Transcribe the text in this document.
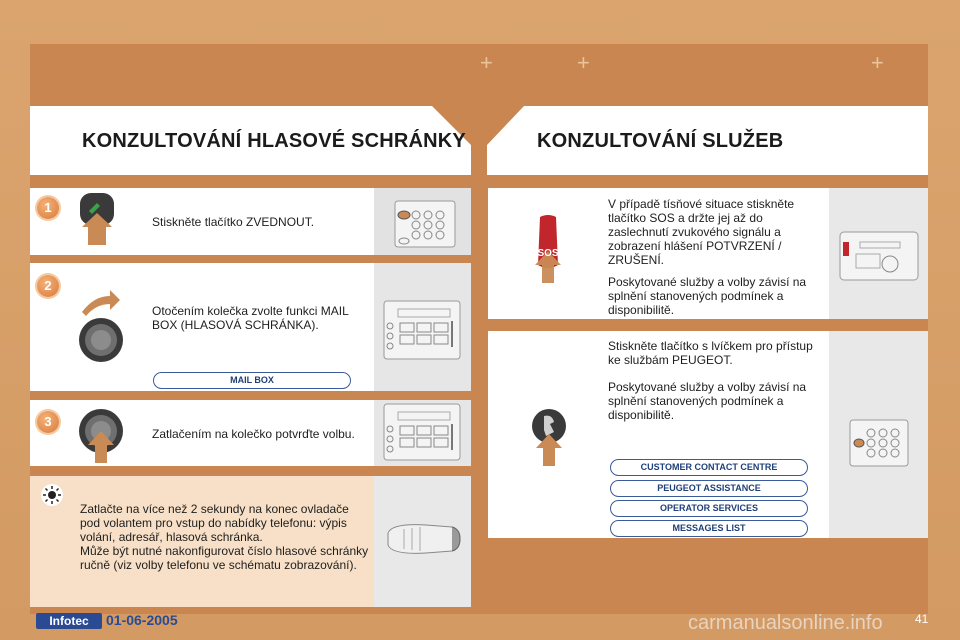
+	+	+
KONZULTOVÁNÍ HLASOVÉ SCHRÁNKY	KONZULTOVÁNÍ SLUŽEB
1
Stiskněte tlačítko ZVEDNOUT.
2
Otočením kolečka zvolte funkci MAIL BOX (HLASOVÁ SCHRÁNKA).
MAIL BOX
3
Zatlačením na kolečko potvrďte volbu.
Zatlačte na více než 2 sekundy na konec ovladače pod volantem pro vstup do nabídky telefonu: výpis volání, adresář, hlasová schránka.
Může být nutné nakonfigurovat číslo hlasové schránky ručně (viz volby telefonu ve schématu zobrazování).
SOS
V případě tísňové situace stiskněte tlačítko SOS a držte jej až do zaslechnutí zvukového signálu a zobrazení hlášení POTVRZENÍ / ZRUŠENÍ.
Poskytované služby a volby závisí na splnění stanovených podmínek a disponibilitě.
Stiskněte tlačítko s lvíčkem pro přístup ke službám PEUGEOT.
Poskytované služby a volby závisí na splnění stanovených podmínek a disponibilitě.
CUSTOMER CONTACT CENTRE
PEUGEOT ASSISTANCE
OPERATOR SERVICES
MESSAGES LIST
Infotec	01-06-2005	carmanualsonline.info	41
